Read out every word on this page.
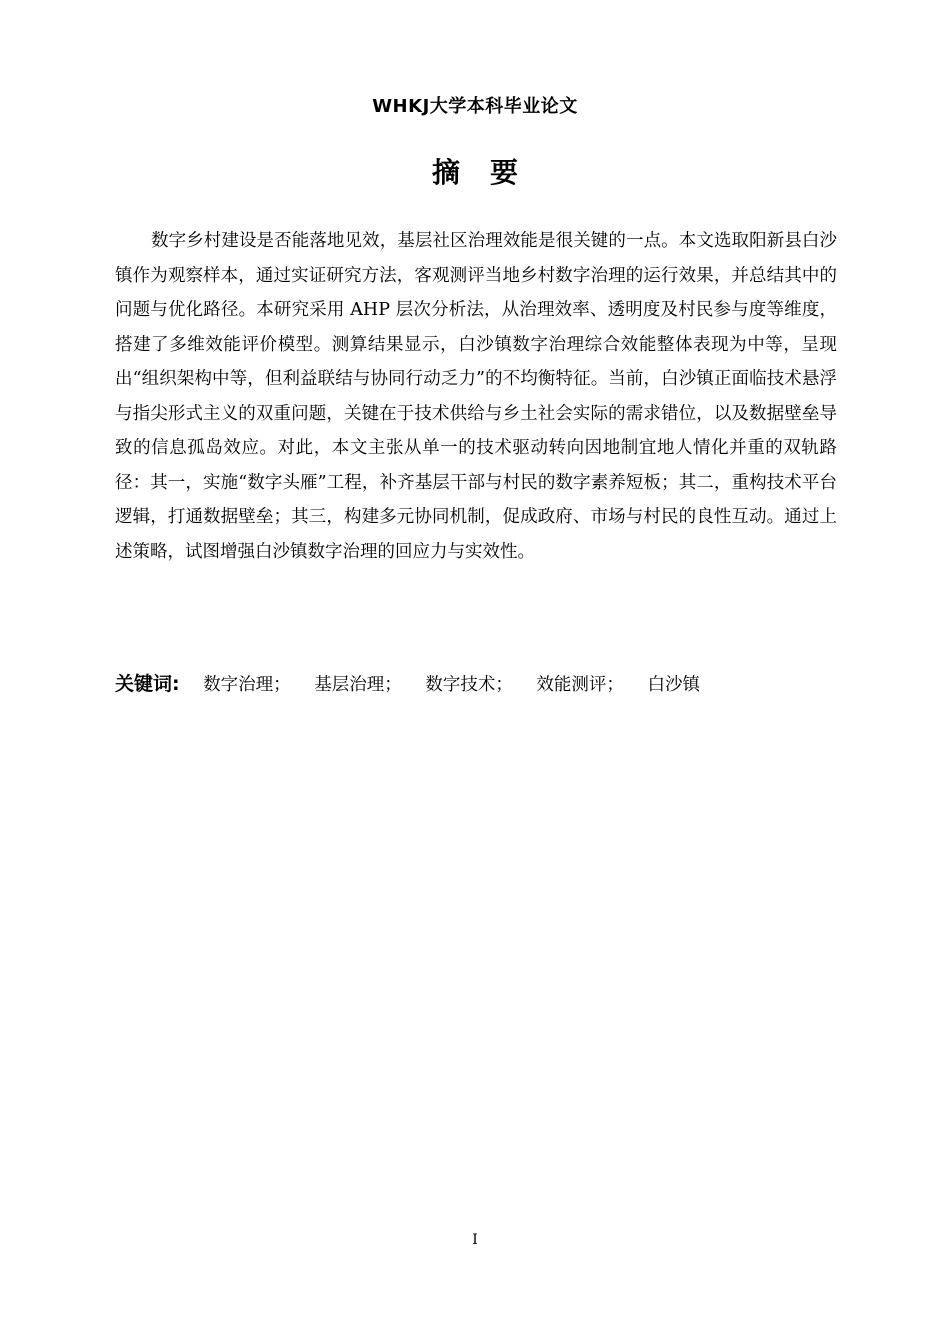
WHKJ大学本科毕业论文
摘要

数字乡村建设是否能落地见效，基层社区治理效能是很关键的一点。本文选取阳新县白沙镇作为观察样本，通过实证研究方法，客观测评当地乡村数字治理的运行效果，并总结其中的问题与优化路径。本研究采用 AHP 层次分析法，从治理效率、透明度及村民参与度等维度，搭建了多维效能评价模型。测算结果显示，白沙镇数字治理综合效能整体表现为中等，呈现出“组织架构中等，但利益联结与协同行动乏力”的不均衡特征。当前，白沙镇正面临技术悬浮与指尖形式主义的双重问题，关键在于技术供给与乡土社会实际的需求错位，以及数据壁垒导致的信息孤岛效应。对此，本文主张从单一的技术驱动转向因地制宜地人情化并重的双轨路径：其一，实施“数字头雁”工程，补齐基层干部与村民的数字素养短板；其二，重构技术平台逻辑，打通数据壁垒；其三，构建多元协同机制，促成政府、市场与村民的良性互动。通过上述策略，试图增强白沙镇数字治理的回应力与实效性。

关键词: 数字治理； 基层治理； 数字技术； 效能测评； 白沙镇
I
